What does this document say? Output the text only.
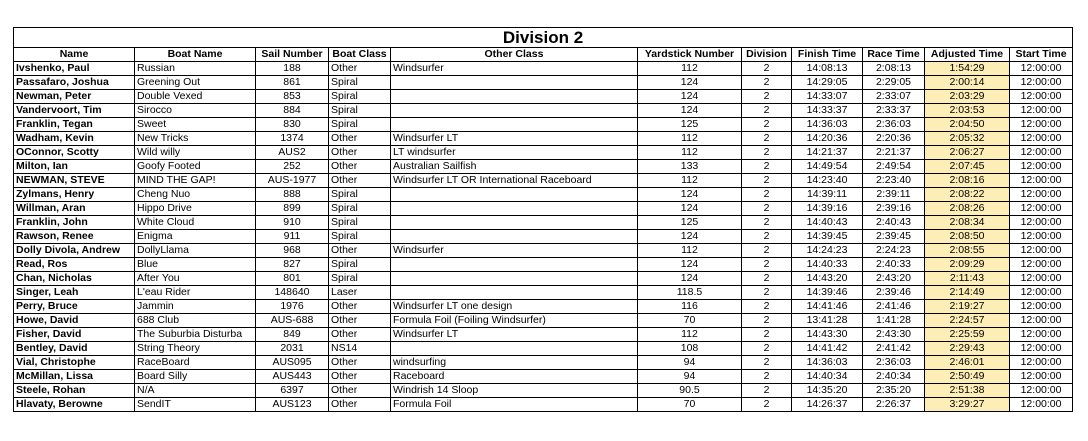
Division 2										
Name	Boat Name	Sail Number	Boat Class	Other Class	Yardstick Number	Division	Finish Time	Race Time	Adjusted Time	Start Time
Ivshenko, Paul	Russian	188	Other	Windsurfer	112	2	14:08:13	2:08:13	1:54:29	12:00:00
Passafaro, Joshua	Greening Out	861	Spiral		124	2	14:29:05	2:29:05	2:00:14	12:00:00
Newman, Peter	Double Vexed	853	Spiral		124	2	14:33:07	2:33:07	2:03:29	12:00:00
Vandervoort, Tim	Sirocco	884	Spiral		124	2	14:33:37	2:33:37	2:03:53	12:00:00
Franklin, Tegan	Sweet	830	Spiral		125	2	14:36:03	2:36:03	2:04:50	12:00:00
Wadham, Kevin	New Tricks	1374	Other	Windsurfer LT	112	2	14:20:36	2:20:36	2:05:32	12:00:00
OConnor, Scotty	Wild willy	AUS2	Other	LT windsurfer	112	2	14:21:37	2:21:37	2:06:27	12:00:00
Milton, Ian	Goofy Footed	252	Other	Australian Sailfish	133	2	14:49:54	2:49:54	2:07:45	12:00:00
NEWMAN, STEVE	MIND THE GAP!	AUS-1977	Other	Windsurfer LT OR International Raceboard	112	2	14:23:40	2:23:40	2:08:16	12:00:00
Zylmans, Henry	Cheng Nuo	888	Spiral		124	2	14:39:11	2:39:11	2:08:22	12:00:00
Willman, Aran	Hippo Drive	899	Spiral		124	2	14:39:16	2:39:16	2:08:26	12:00:00
Franklin, John	White Cloud	910	Spiral		125	2	14:40:43	2:40:43	2:08:34	12:00:00
Rawson, Renee	Enigma	911	Spiral		124	2	14:39:45	2:39:45	2:08:50	12:00:00
Dolly Divola, Andrew	DollyLlama	968	Other	Windsurfer	112	2	14:24:23	2:24:23	2:08:55	12:00:00
Read, Ros	Blue	827	Spiral		124	2	14:40:33	2:40:33	2:09:29	12:00:00
Chan, Nicholas	After You	801	Spiral		124	2	14:43:20	2:43:20	2:11:43	12:00:00
Singer, Leah	L'eau Rider	148640	Laser		118.5	2	14:39:46	2:39:46	2:14:49	12:00:00
Perry, Bruce	Jammin	1976	Other	Windsurfer LT one design	116	2	14:41:46	2:41:46	2:19:27	12:00:00
Howe, David	688 Club	AUS-688	Other	Formula Foil (Foiling Windsurfer)	70	2	13:41:28	1:41:28	2:24:57	12:00:00
Fisher, David	The Suburbia Disturba	849	Other	Windsurfer LT	112	2	14:43:30	2:43:30	2:25:59	12:00:00
Bentley, David	String Theory	2031	NS14		108	2	14:41:42	2:41:42	2:29:43	12:00:00
Vial, Christophe	RaceBoard	AUS095	Other	windsurfing	94	2	14:36:03	2:36:03	2:46:01	12:00:00
McMillan, Lissa	Board Silly	AUS443	Other	Raceboard	94	2	14:40:34	2:40:34	2:50:49	12:00:00
Steele, Rohan	N/A	6397	Other	Windrish 14 Sloop	90.5	2	14:35:20	2:35:20	2:51:38	12:00:00
Hlavaty, Berowne	SendIT	AUS123	Other	Formula Foil	70	2	14:26:37	2:26:37	3:29:27	12:00:00
